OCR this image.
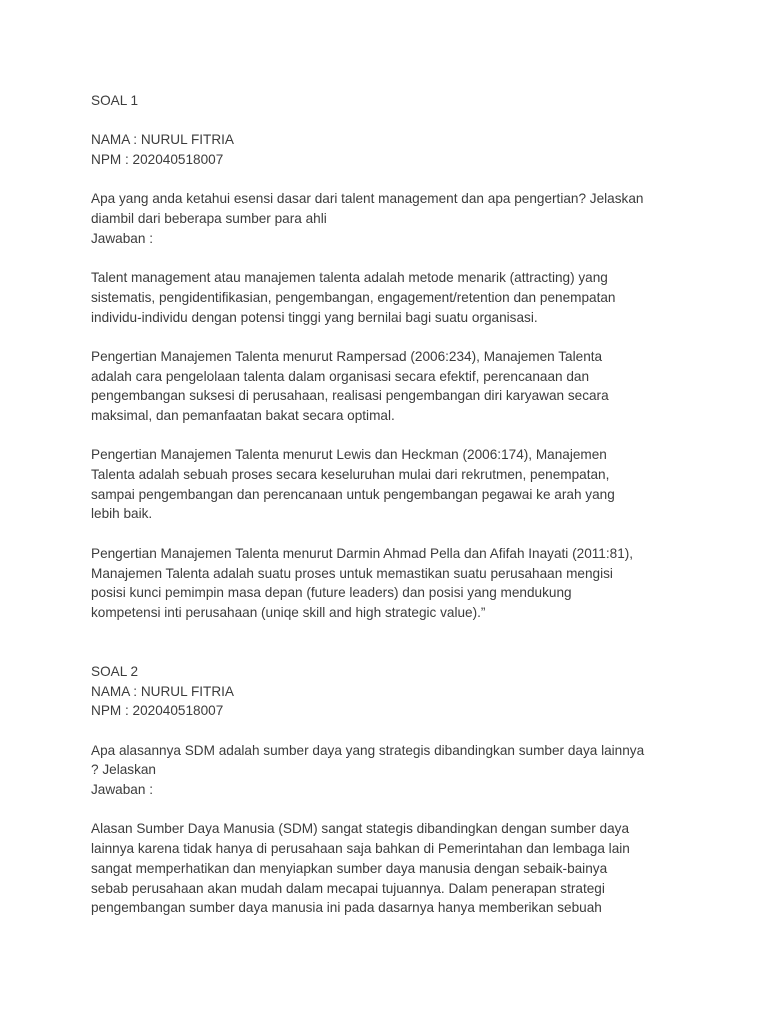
SOAL 1
NAMA : NURUL FITRIA
NPM : 202040518007
Apa yang anda ketahui esensi dasar dari talent management dan apa pengertian? Jelaskan
diambil dari beberapa sumber para ahli
Jawaban :
Talent management atau manajemen talenta adalah metode menarik (attracting) yang
sistematis, pengidentifikasian, pengembangan, engagement/retention dan penempatan
individu-individu dengan potensi tinggi yang bernilai bagi suatu organisasi.
Pengertian Manajemen Talenta menurut Rampersad (2006:234), Manajemen Talenta
adalah cara pengelolaan talenta dalam organisasi secara efektif, perencanaan dan
pengembangan suksesi di perusahaan, realisasi pengembangan diri karyawan secara
maksimal, dan pemanfaatan bakat secara optimal.
Pengertian Manajemen Talenta menurut Lewis dan Heckman (2006:174), Manajemen
Talenta adalah sebuah proses secara keseluruhan mulai dari rekrutmen, penempatan,
sampai pengembangan dan perencanaan untuk pengembangan pegawai ke arah yang
lebih baik.
Pengertian Manajemen Talenta menurut Darmin Ahmad Pella dan Afifah Inayati (2011:81),
Manajemen Talenta adalah suatu proses untuk memastikan suatu perusahaan mengisi
posisi kunci pemimpin masa depan (future leaders) dan posisi yang mendukung
kompetensi inti perusahaan (uniqe skill and high strategic value).”
SOAL 2
NAMA : NURUL FITRIA
NPM : 202040518007
Apa alasannya SDM adalah sumber daya yang strategis dibandingkan sumber daya lainnya
? Jelaskan
Jawaban :
Alasan Sumber Daya Manusia (SDM) sangat stategis dibandingkan dengan sumber daya
lainnya karena tidak hanya di perusahaan saja bahkan di Pemerintahan dan lembaga lain
sangat memperhatikan dan menyiapkan sumber daya manusia dengan sebaik-bainya
sebab perusahaan akan mudah dalam mecapai tujuannya. Dalam penerapan strategi
pengembangan sumber daya manusia ini pada dasarnya hanya memberikan sebuah
